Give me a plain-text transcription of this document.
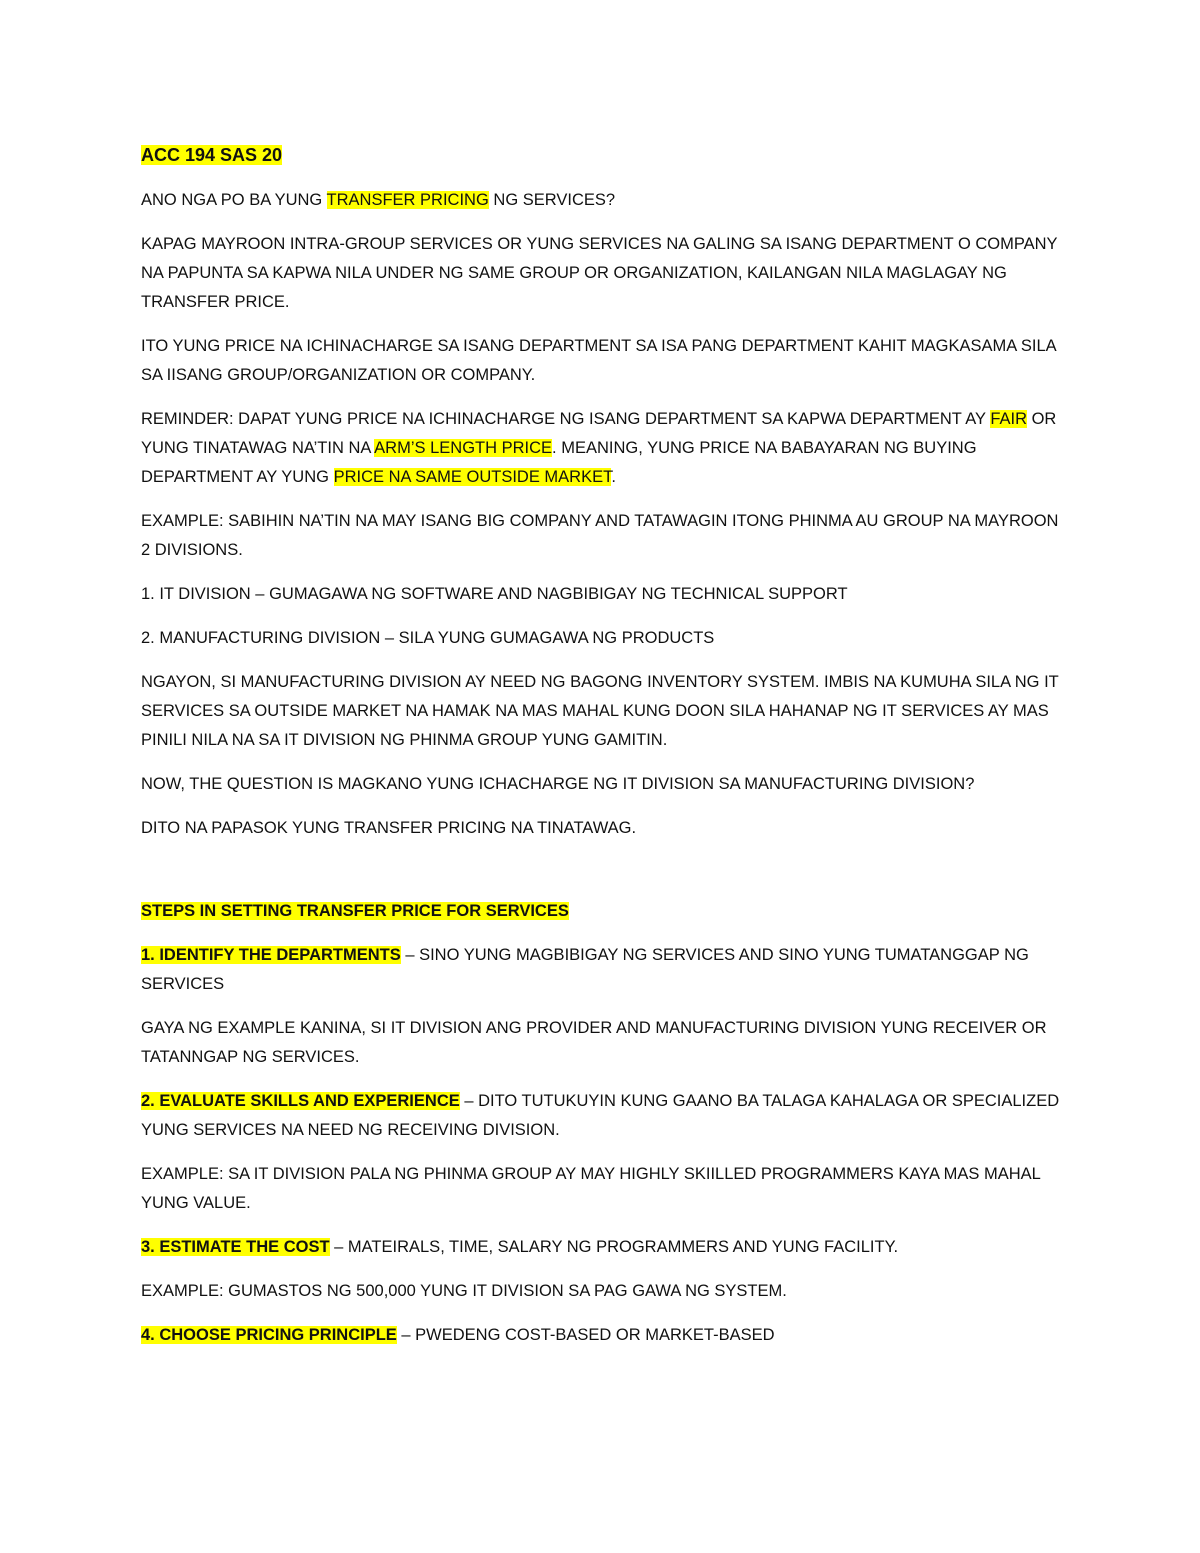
ACC 194 SAS 20

ANO NGA PO BA YUNG TRANSFER PRICING NG SERVICES?

KAPAG MAYROON INTRA-GROUP SERVICES OR YUNG SERVICES NA GALING SA ISANG DEPARTMENT O COMPANY NA PAPUNTA SA KAPWA NILA UNDER NG SAME GROUP OR ORGANIZATION, KAILANGAN NILA MAGLAGAY NG TRANSFER PRICE.

ITO YUNG PRICE NA ICHINACHARGE SA ISANG DEPARTMENT SA ISA PANG DEPARTMENT KAHIT MAGKASAMA SILA SA IISANG GROUP/ORGANIZATION OR COMPANY.

REMINDER: DAPAT YUNG PRICE NA ICHINACHARGE NG ISANG DEPARTMENT SA KAPWA DEPARTMENT AY FAIR OR YUNG TINATAWAG NA’TIN NA ARM’S LENGTH PRICE. MEANING, YUNG PRICE NA BABAYARAN NG BUYING DEPARTMENT AY YUNG PRICE NA SAME OUTSIDE MARKET.

EXAMPLE: SABIHIN NA’TIN NA MAY ISANG BIG COMPANY AND TATAWAGIN ITONG PHINMA AU GROUP NA MAYROON 2 DIVISIONS.

1. IT DIVISION – GUMAGAWA NG SOFTWARE AND NAGBIBIGAY NG TECHNICAL SUPPORT

2. MANUFACTURING DIVISION – SILA YUNG GUMAGAWA NG PRODUCTS

NGAYON, SI MANUFACTURING DIVISION AY NEED NG BAGONG INVENTORY SYSTEM. IMBIS NA KUMUHA SILA NG IT SERVICES SA OUTSIDE MARKET NA HAMAK NA MAS MAHAL KUNG DOON SILA HAHANAP NG IT SERVICES AY MAS PINILI NILA NA SA IT DIVISION NG PHINMA GROUP YUNG GAMITIN.

NOW, THE QUESTION IS MAGKANO YUNG ICHACHARGE NG IT DIVISION SA MANUFACTURING DIVISION?

DITO NA PAPASOK YUNG TRANSFER PRICING NA TINATAWAG.

STEPS IN SETTING TRANSFER PRICE FOR SERVICES

1. IDENTIFY THE DEPARTMENTS – SINO YUNG MAGBIBIGAY NG SERVICES AND SINO YUNG TUMATANGGAP NG SERVICES

GAYA NG EXAMPLE KANINA, SI IT DIVISION ANG PROVIDER AND MANUFACTURING DIVISION YUNG RECEIVER OR TATANNGAP NG SERVICES.

2. EVALUATE SKILLS AND EXPERIENCE – DITO TUTUKUYIN KUNG GAANO BA TALAGA KAHALAGA OR SPECIALIZED YUNG SERVICES NA NEED NG RECEIVING DIVISION.

EXAMPLE: SA IT DIVISION PALA NG PHINMA GROUP AY MAY HIGHLY SKIILLED PROGRAMMERS KAYA MAS MAHAL YUNG VALUE.

3. ESTIMATE THE COST – MATEIRALS, TIME, SALARY NG PROGRAMMERS AND YUNG FACILITY.

EXAMPLE: GUMASTOS NG 500,000 YUNG IT DIVISION SA PAG GAWA NG SYSTEM.

4. CHOOSE PRICING PRINCIPLE – PWEDENG COST-BASED OR MARKET-BASED
